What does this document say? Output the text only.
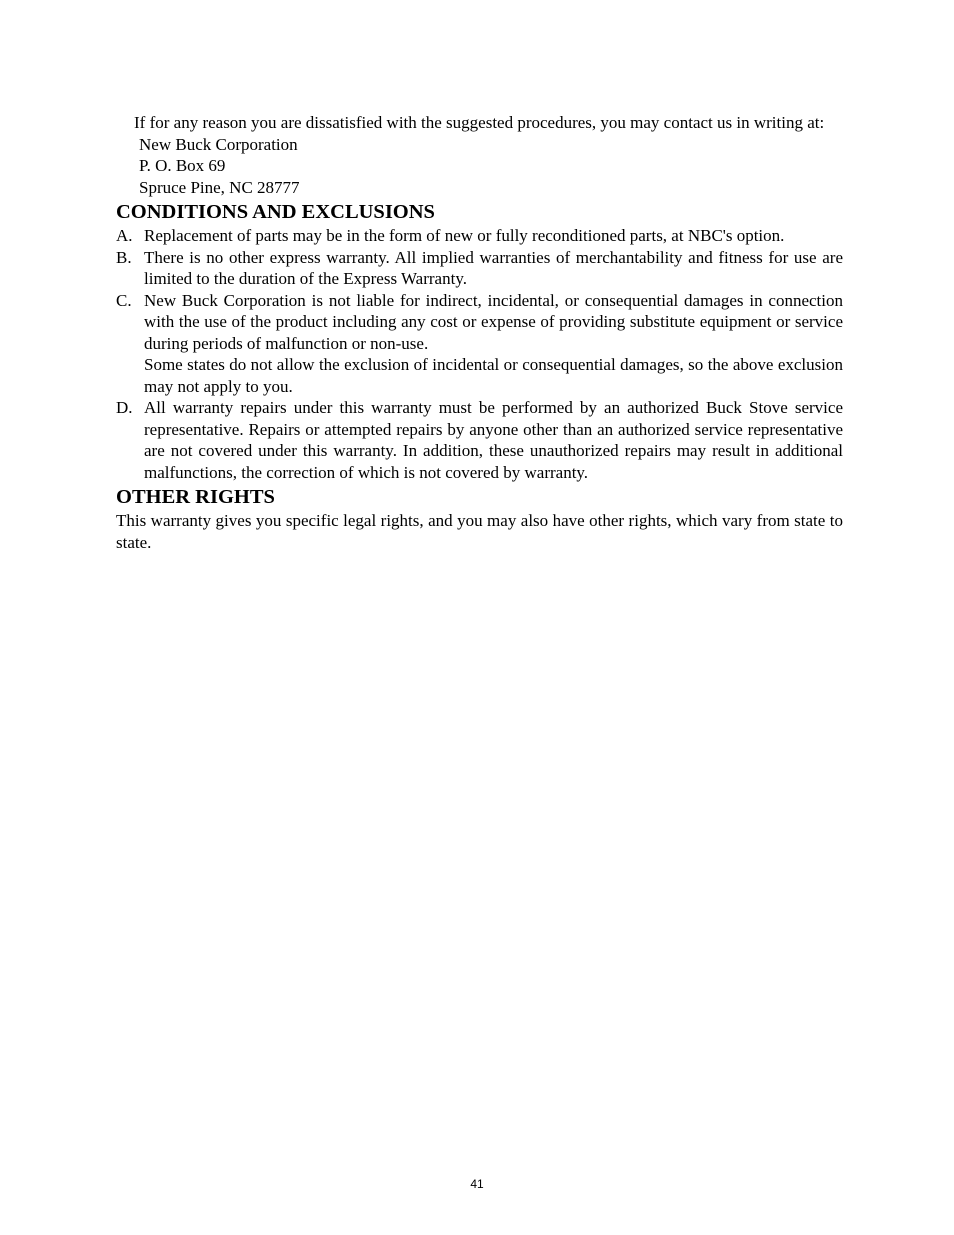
If for any reason you are dissatisfied with the suggested procedures, you may contact us in writing at:

New Buck Corporation
P. O. Box 69
Spruce Pine, NC 28777
CONDITIONS AND EXCLUSIONS
A. Replacement of parts may be in the form of new or fully reconditioned parts, at NBC's option.

B. There is no other express warranty. All implied warranties of merchantability and fitness for use are limited to the duration of the Express Warranty.

C. New Buck Corporation is not liable for indirect, incidental, or consequential damages in connection with the use of the product including any cost or expense of providing substitute equipment or service during periods of malfunction or non-use.

Some states do not allow the exclusion of incidental or consequential damages, so the above exclusion may not apply to you.

D. All warranty repairs under this warranty must be performed by an authorized Buck Stove service representative. Repairs or attempted repairs by anyone other than an authorized service representative are not covered under this warranty. In addition, these unauthorized repairs may result in additional malfunctions, the correction of which is not covered by warranty.

OTHER RIGHTS

This warranty gives you specific legal rights, and you may also have other rights, which vary from state to state.

41
